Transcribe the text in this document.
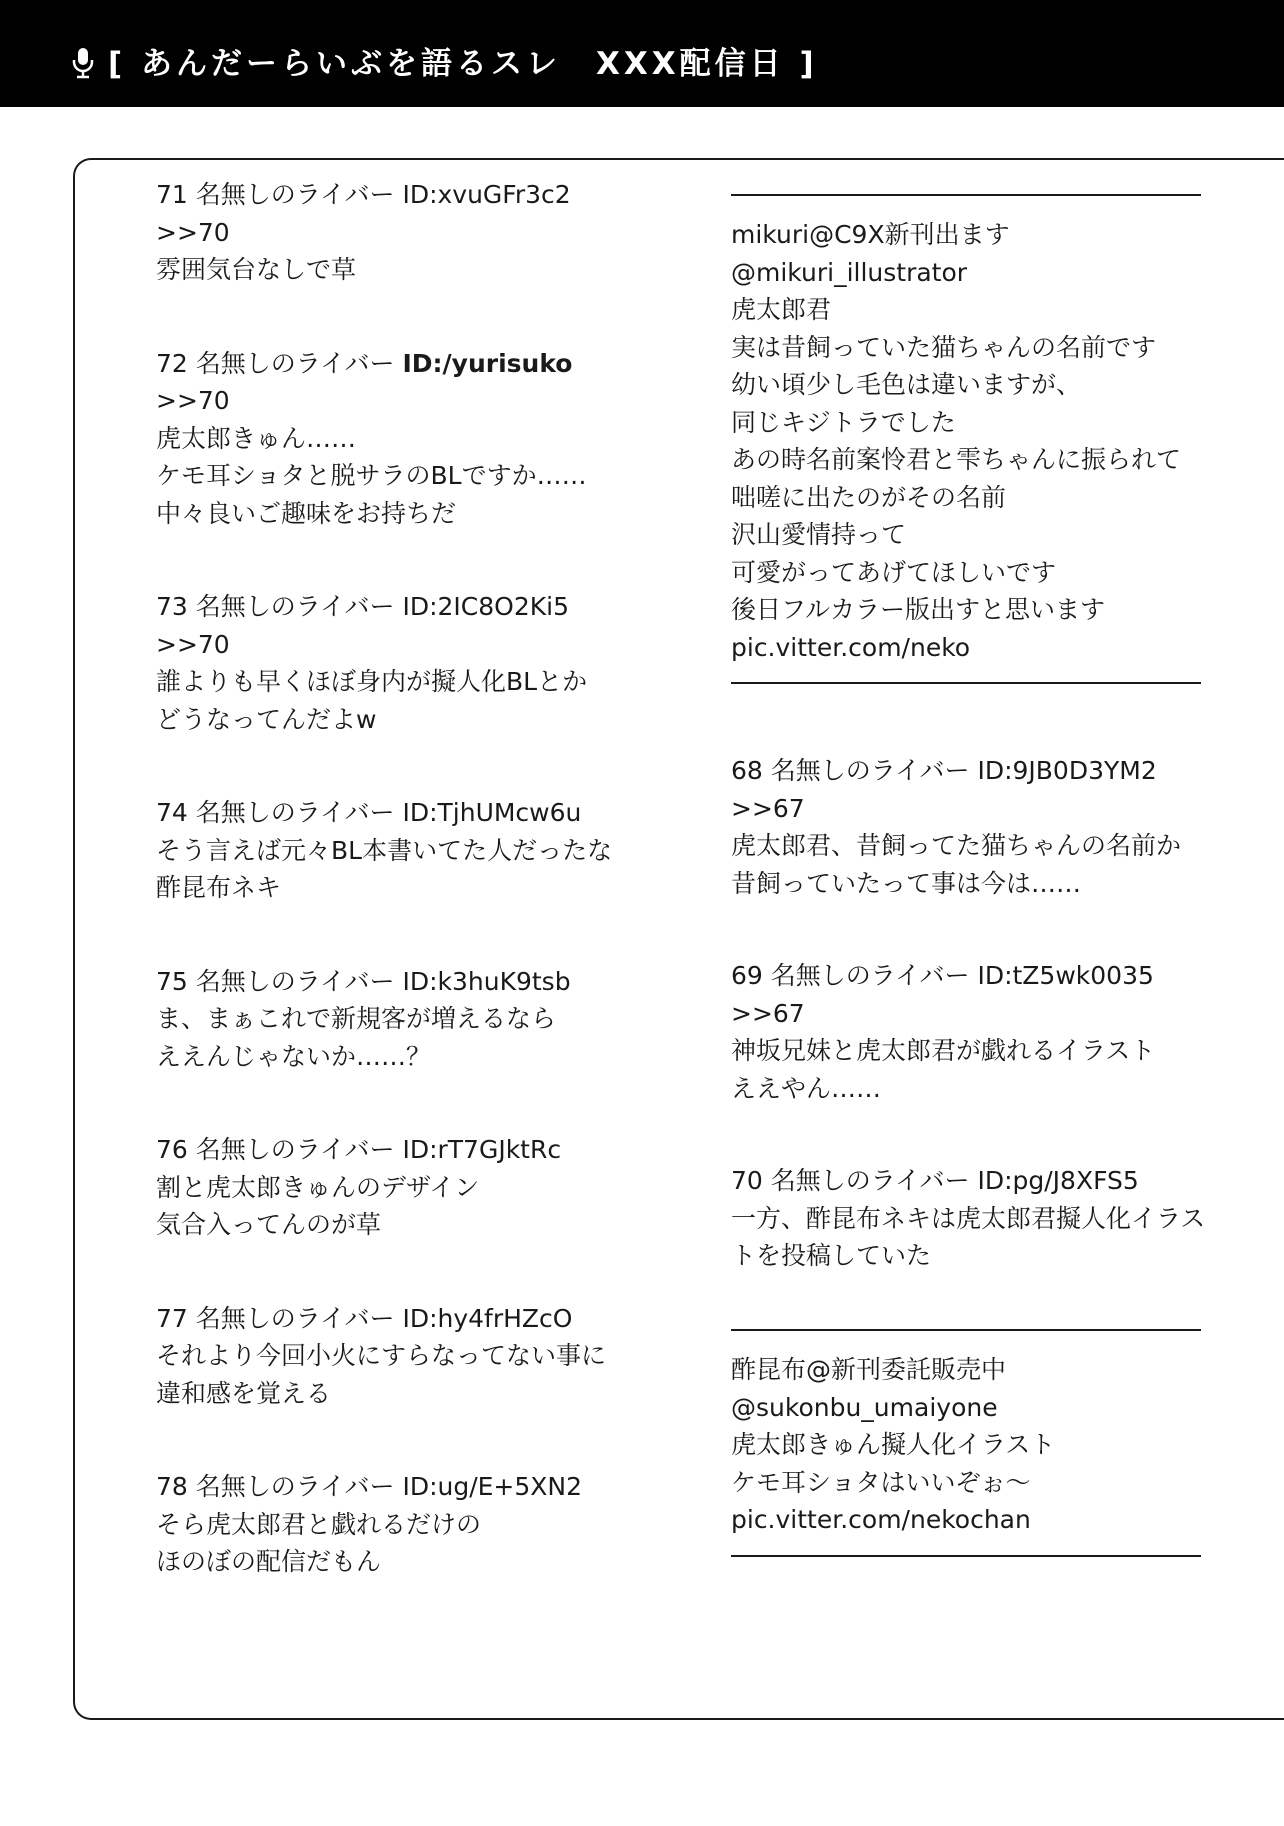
[ あんだーらいぶを語るスレ　XXX配信日 ]
71 名無しのライバー ID:xvuGFr3c2
>>70
雰囲気台なしで草
72 名無しのライバー ID:/yurisuko
>>70
虎太郎きゅん……
ケモ耳ショタと脱サラのBLですか……
中々良いご趣味をお持ちだ
73 名無しのライバー ID:2IC8O2Ki5
>>70
誰よりも早くほぼ身内が擬人化BLとか
どうなってんだよw
74 名無しのライバー ID:TjhUMcw6u
そう言えば元々BL本書いてた人だったな
酢昆布ネキ
75 名無しのライバー ID:k3huK9tsb
ま、まぁこれで新規客が増えるなら
ええんじゃないか……？
76 名無しのライバー ID:rT7GJktRc
割と虎太郎きゅんのデザイン
気合入ってんのが草
77 名無しのライバー ID:hy4frHZcO
それより今回小火にすらなってない事に
違和感を覚える
78 名無しのライバー ID:ug/E+5XN2
そら虎太郎君と戯れるだけの
ほのぼの配信だもん
mikuri@C9X新刊出ます
@mikuri_illustrator
虎太郎君
実は昔飼っていた猫ちゃんの名前です
幼い頃少し毛色は違いますが、
同じキジトラでした
あの時名前案怜君と雫ちゃんに振られて
咄嗟に出たのがその名前
沢山愛情持って
可愛がってあげてほしいです
後日フルカラー版出すと思います
pic.vitter.com/neko
68 名無しのライバー ID:9JB0D3YM2
>>67
虎太郎君、昔飼ってた猫ちゃんの名前か
昔飼っていたって事は今は……
69 名無しのライバー ID:tZ5wk0035
>>67
神坂兄妹と虎太郎君が戯れるイラスト
ええやん……
70 名無しのライバー ID:pg/J8XFS5
一方、酢昆布ネキは虎太郎君擬人化イラス
トを投稿していた
酢昆布@新刊委託販売中
@sukonbu_umaiyone
虎太郎きゅん擬人化イラスト
ケモ耳ショタはいいぞぉ～
pic.vitter.com/nekochan
